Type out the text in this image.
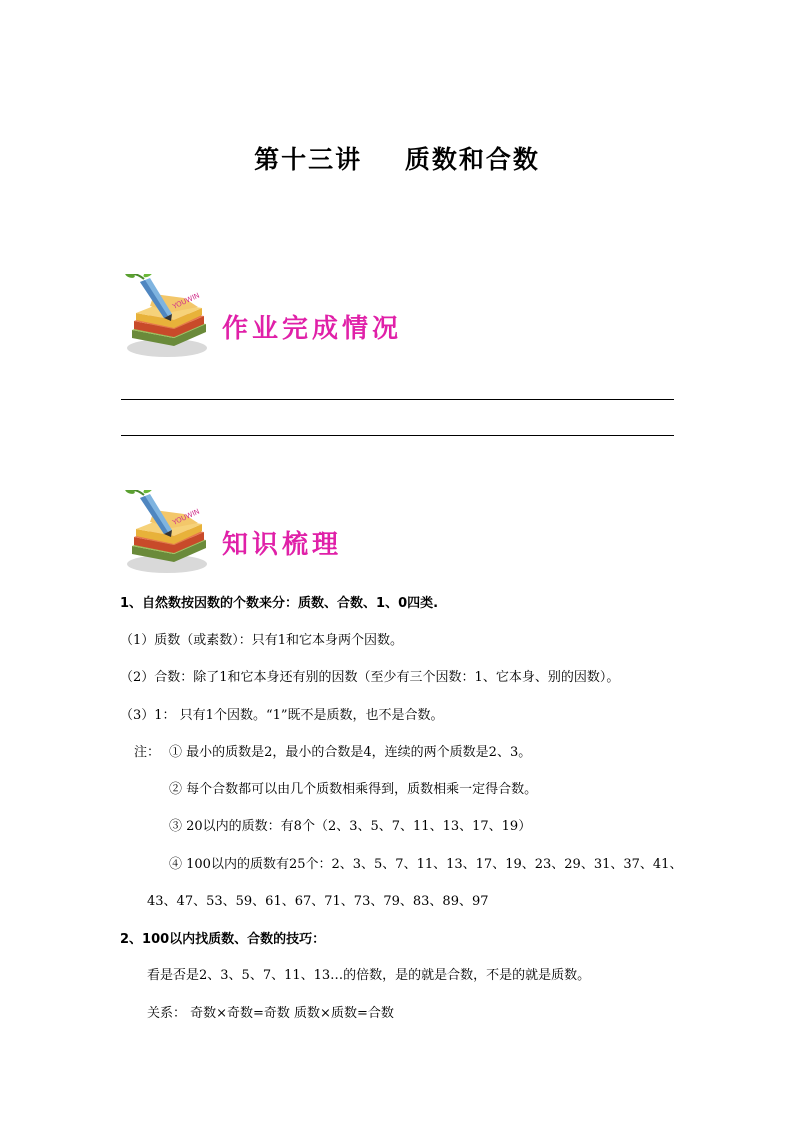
第十三讲    质数和合数
作业完成情况
知识梳理
1、自然数按因数的个数来分：质数、合数、1、0四类.
（1）质数（或素数）：只有1和它本身两个因数。
（2）合数：除了1和它本身还有别的因数（至少有三个因数：1、它本身、别的因数）。
（3）1： 只有1个因数。“1”既不是质数，也不是合数。
注： ① 最小的质数是2，最小的合数是4，连续的两个质数是2、3。
② 每个合数都可以由几个质数相乘得到，质数相乘一定得合数。
③ 20以内的质数：有8个（2、3、5、7、11、13、17、19）
④ 100以内的质数有25个：2、3、5、7、11、13、17、19、23、29、31、37、41、
43、47、53、59、61、67、71、73、79、83、89、97
2、100以内找质数、合数的技巧：
看是否是2、3、5、7、11、13…的倍数，是的就是合数，不是的就是质数。
关系： 奇数×奇数=奇数 质数×质数=合数
